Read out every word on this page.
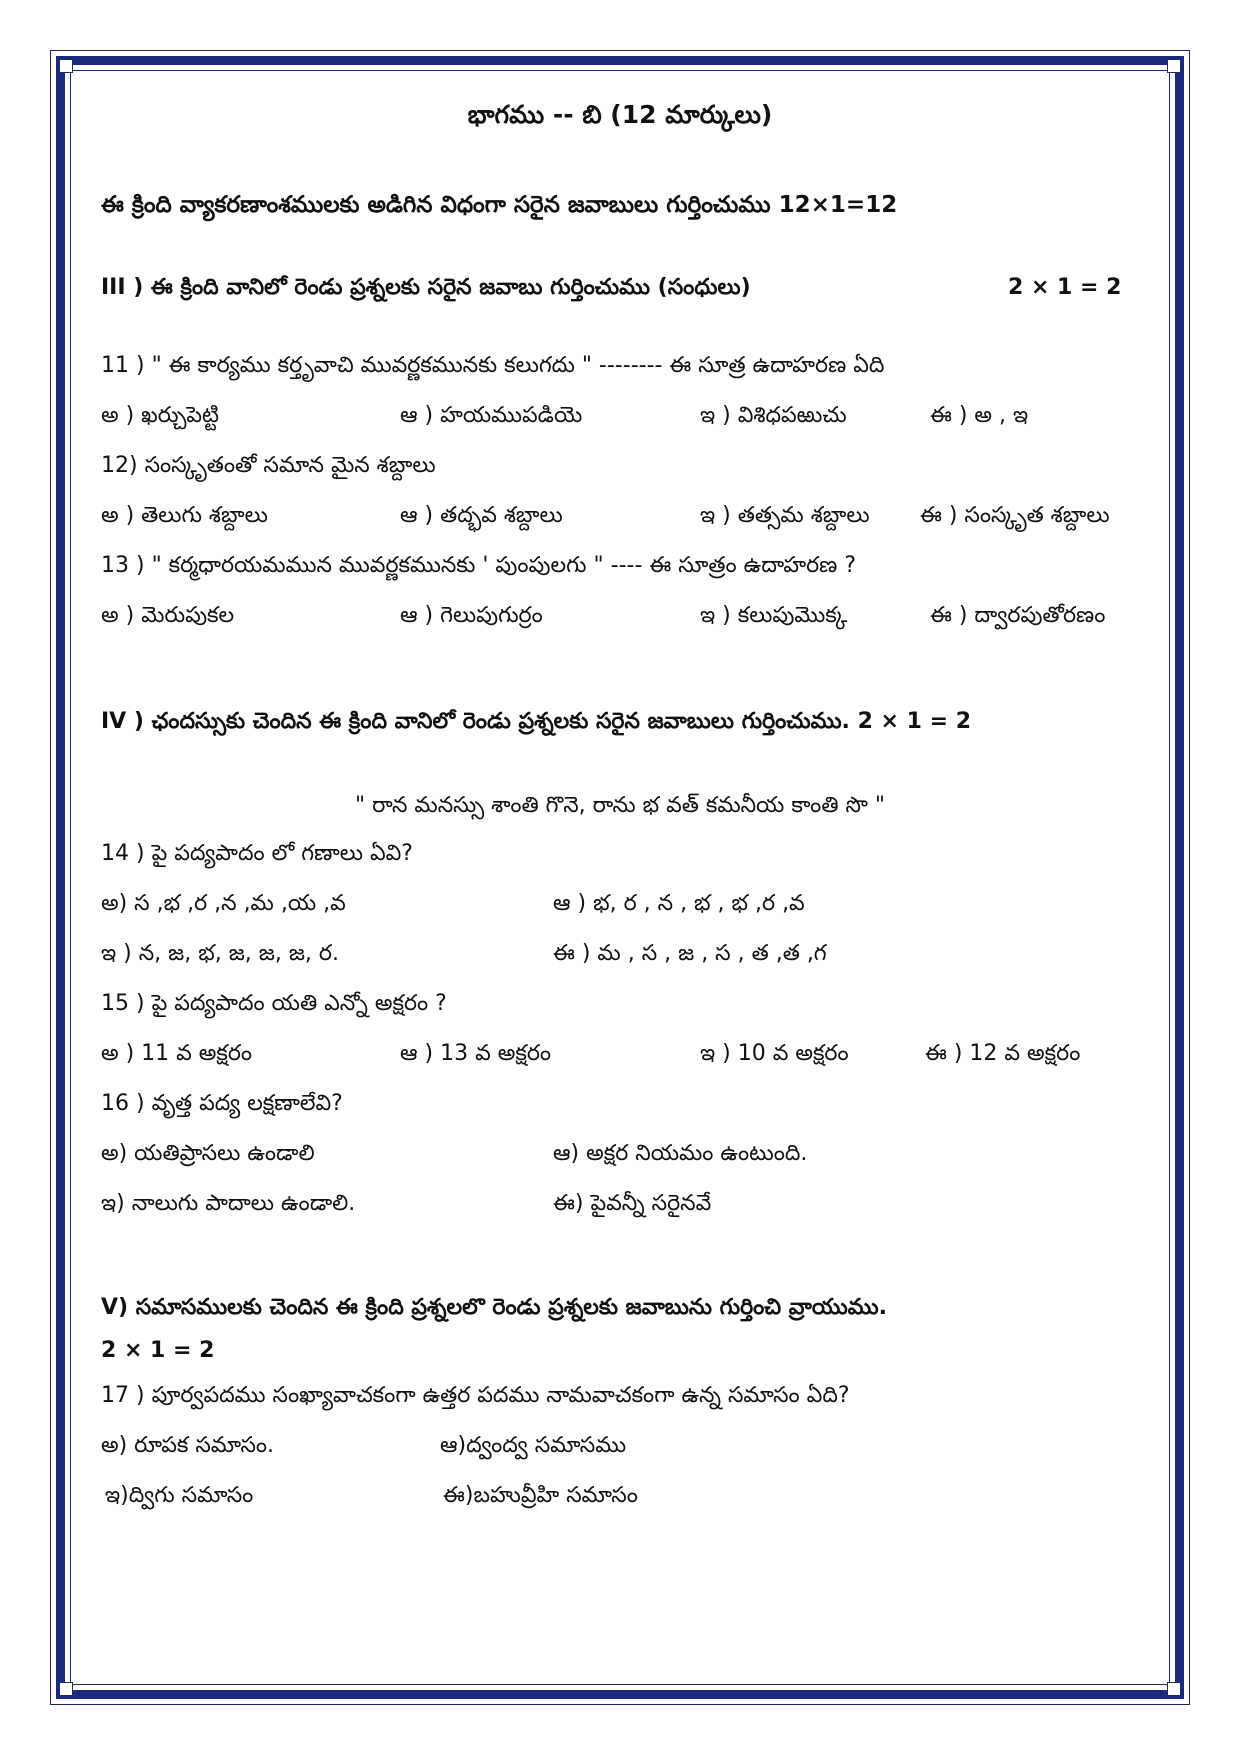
భాగము -- బి (12 మార్కులు)
ఈ క్రింది వ్యాకరణాంశములకు అడిగిన విధంగా సరైన జవాబులు గుర్తించుము 12×1=12
III ) ఈ క్రింది వానిలో రెండు ప్రశ్నలకు సరైన జవాబు గుర్తించుము (సంధులు)	2 × 1 = 2
11 ) " ఈ కార్యము కర్తృవాచి మువర్ణకమునకు కలుగదు " -------- ఈ సూత్ర ఉదాహరణ ఏది
అ ) ఖర్చుపెట్టి	ఆ ) హయముపడియె	ఇ ) విశిధపఱుచు	ఈ ) అ , ఇ
12) సంస్కృతంతో సమాన మైన శబ్దాలు
అ ) తెలుగు శబ్దాలు	ఆ ) తద్భవ శబ్దాలు	ఇ ) తత్సమ శబ్దాలు ఈ ) సంస్కృత శబ్దాలు
13 ) " కర్మధారయమమున మువర్ణకమునకు ' పుంపులగు " ---- ఈ సూత్రం ఉదాహరణ ?
అ ) మెరుపుకల	ఆ ) గెలుపుగుర్రం	ఇ ) కలుపుమొక్క	ఈ ) ద్వారపుతోరణం
IV ) ఛందస్సుకు చెందిన ఈ క్రింది వానిలో రెండు ప్రశ్నలకు సరైన జవాబులు గుర్తించుము. 2 × 1 = 2
" రాన మనస్సు శాంతి గొనె, రాను భ వత్ కమనీయ కాంతి సొ "
14 ) పై పద్యపాదం లో గణాలు ఏవి?
అ) స ,భ ,ర ,న ,మ ,య ,వ	ఆ ) భ, ర , న , భ , భ ,ర ,వ
ఇ ) న, జ, భ, జ, జ, జ, ర.	ఈ ) మ , స , జ , స , త ,త ,గ
15 ) పై పద్యపాదం యతి ఎన్నో అక్షరం ?
అ ) 11 వ అక్షరం	ఆ ) 13 వ అక్షరం	ఇ ) 10 వ అక్షరం	ఈ ) 12 వ అక్షరం
16 ) వృత్త పద్య లక్షణాలేవి?
అ) యతిప్రాసలు ఉండాలి	ఆ) అక్షర నియమం ఉంటుంది.
ఇ) నాలుగు పాదాలు ఉండాలి.	ఈ) పైవన్నీ సరైనవే
V) సమాసములకు చెందిన ఈ క్రింది ప్రశ్నలలొ రెండు ప్రశ్నలకు జవాబును గుర్తించి వ్రాయుము.
2 × 1 = 2
17 ) పూర్వపదము సంఖ్యావాచకంగా ఉత్తర పదము నామవాచకంగా ఉన్న సమాసం ఏది?
అ) రూపక సమాసం.	ఆ)ద్వంద్వ సమాసము
ఇ)ద్విగు సమాసం	ఈ)బహువ్రీహి సమాసం
